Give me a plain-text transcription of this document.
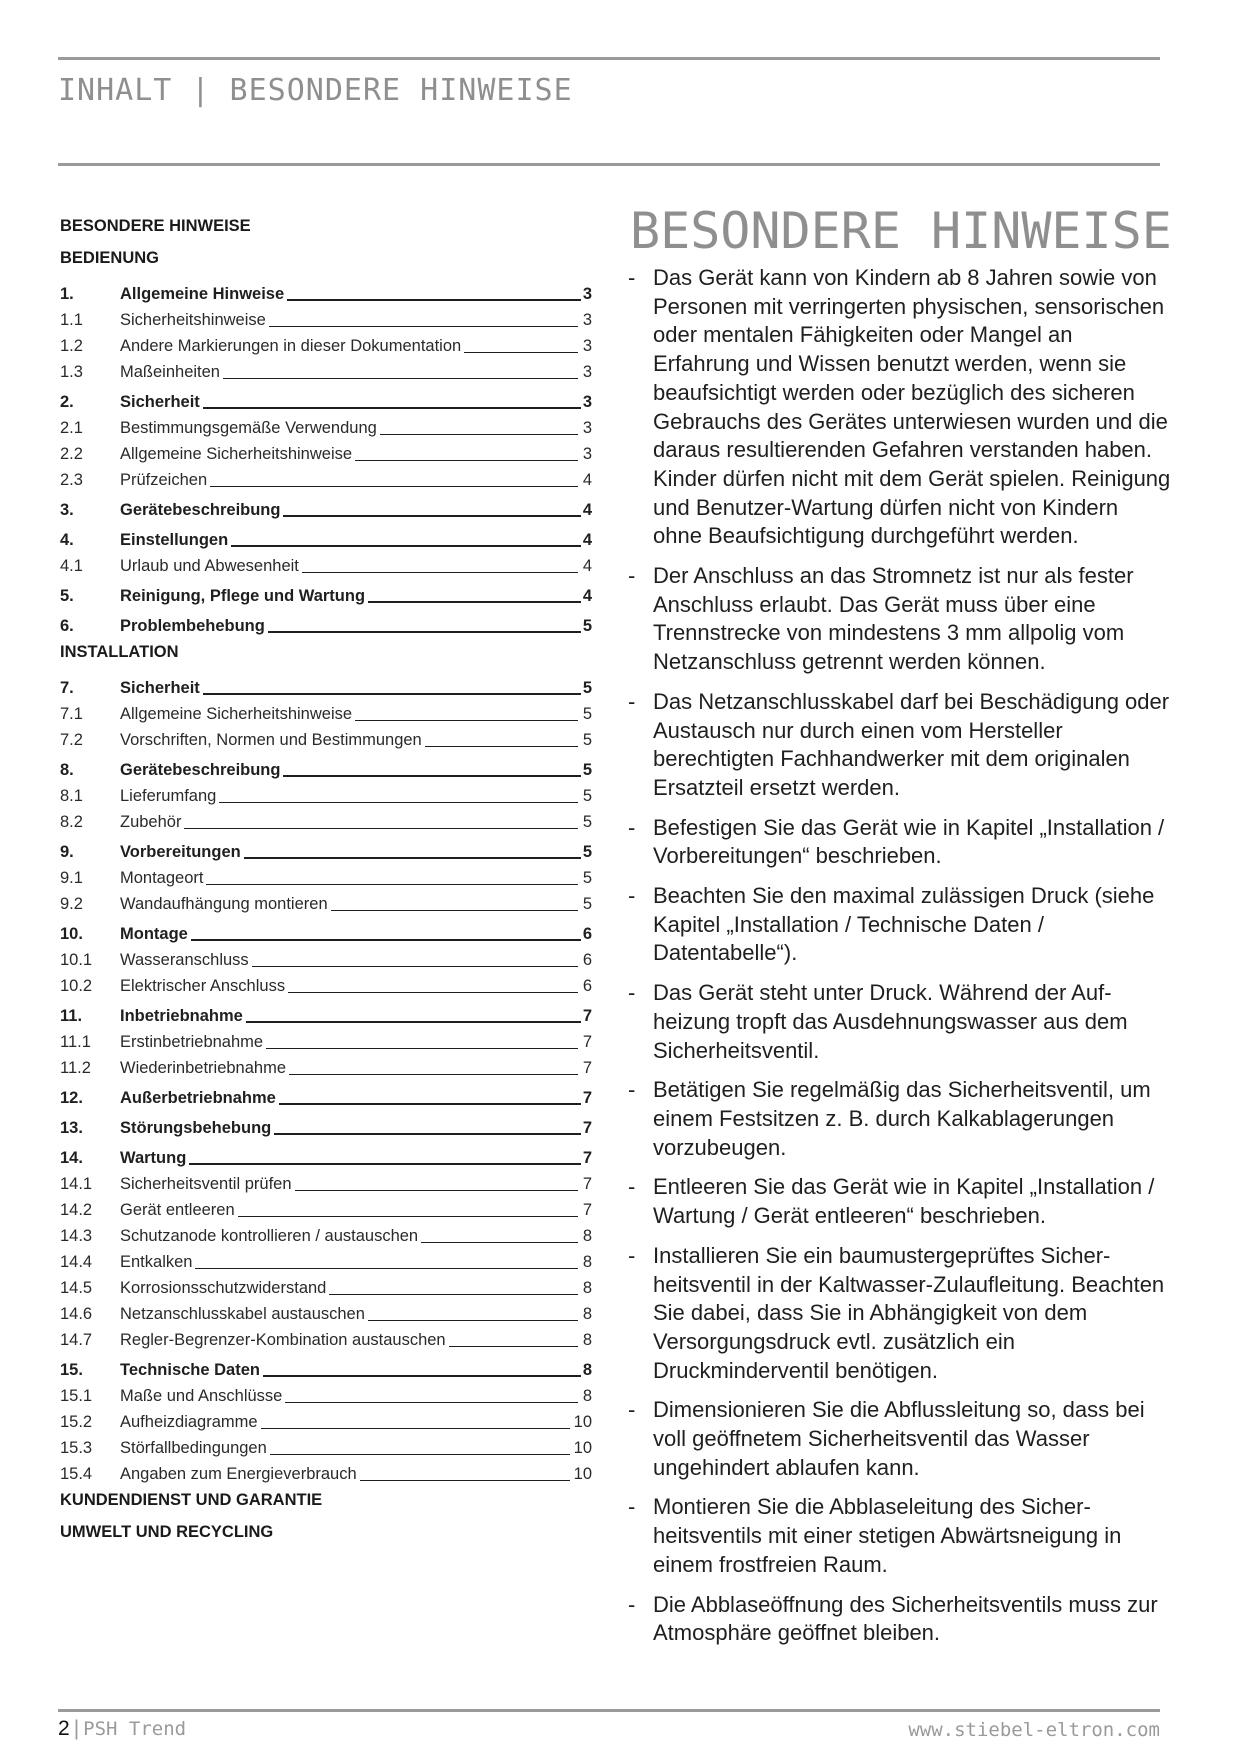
INHALT | BESONDERE HINWEISE
BESONDERE HINWEISE
BEDIENUNG
1.	Allgemeine Hinweise	3
1.1	Sicherheitshinweise	3
1.2	Andere Markierungen in dieser Dokumentation	3
1.3	Maßeinheiten	3
2.	Sicherheit	3
2.1	Bestimmungsgemäße Verwendung	3
2.2	Allgemeine Sicherheitshinweise	3
2.3	Prüfzeichen	4
3.	Gerätebeschreibung	4
4.	Einstellungen	4
4.1	Urlaub und Abwesenheit	4
5.	Reinigung, Pflege und Wartung	4
6.	Problembehebung	5
INSTALLATION
7.	Sicherheit	5
7.1	Allgemeine Sicherheitshinweise	5
7.2	Vorschriften, Normen und Bestimmungen	5
8.	Gerätebeschreibung	5
8.1	Lieferumfang	5
8.2	Zubehör	5
9.	Vorbereitungen	5
9.1	Montageort	5
9.2	Wandaufhängung montieren	5
10.	Montage	6
10.1	Wasseranschluss	6
10.2	Elektrischer Anschluss	6
11.	Inbetriebnahme	7
11.1	Erstinbetriebnahme	7
11.2	Wiederinbetriebnahme	7
12.	Außerbetriebnahme	7
13.	Störungsbehebung	7
14.	Wartung	7
14.1	Sicherheitsventil prüfen	7
14.2	Gerät entleeren	7
14.3	Schutzanode kontrollieren / austauschen	8
14.4	Entkalken	8
14.5	Korrosionsschutzwiderstand	8
14.6	Netzanschlusskabel austauschen	8
14.7	Regler-Begrenzer-Kombination austauschen	8
15.	Technische Daten	8
15.1	Maße und Anschlüsse	8
15.2	Aufheizdiagramme	10
15.3	Störfallbedingungen	10
15.4	Angaben zum Energieverbrauch	10
KUNDENDIENST UND GARANTIE
UMWELT UND RECYCLING
BESONDERE HINWEISE
- Das Gerät kann von Kindern ab 8 Jahren sowie von Personen mit verringerten physischen, sensorischen oder mentalen Fähigkeiten oder Mangel an Erfahrung und Wissen benutzt werden, wenn sie beaufsichtigt werden oder bezüglich des sicheren Gebrauchs des Gerätes unterwiesen wurden und die daraus resultierenden Gefahren verstanden haben. Kinder dürfen nicht mit dem Gerät spielen. Reinigung und Benutzer-Wartung dürfen nicht von Kindern ohne Beaufsichtigung durchgeführt werden.
- Der Anschluss an das Stromnetz ist nur als fester Anschluss erlaubt. Das Gerät muss über eine Trennstrecke von mindestens 3 mm allpolig vom Netzanschluss getrennt werden können.
- Das Netzanschlusskabel darf bei Beschädigung oder Austausch nur durch einen vom Hersteller berechtigten Fachhandwerker mit dem originalen Ersatzteil ersetzt werden.
- Befestigen Sie das Gerät wie in Kapitel „Installation / Vorbereitungen“ beschrieben.
- Beachten Sie den maximal zulässigen Druck (siehe Kapitel „Installation / Technische Daten / Datentabelle“).
- Das Gerät steht unter Druck. Während der Aufheizung tropft das Ausdehnungswasser aus dem Sicherheitsventil.
- Betätigen Sie regelmäßig das Sicherheitsventil, um einem Festsitzen z. B. durch Kalkablagerungen vorzubeugen.
- Entleeren Sie das Gerät wie in Kapitel „Installation / Wartung / Gerät entleeren“ beschrieben.
- Installieren Sie ein baumustergeprüftes Sicherheitsventil in der Kaltwasser-Zulaufleitung. Beachten Sie dabei, dass Sie in Abhängigkeit von dem Versorgungsdruck evtl. zusätzlich ein Druckminderventil benötigen.
- Dimensionieren Sie die Abflussleitung so, dass bei voll geöffnetem Sicherheitsventil das Wasser ungehindert ablaufen kann.
- Montieren Sie die Abblaseleitung des Sicherheitsventils mit einer stetigen Abwärtsneigung in einem frostfreien Raum.
- Die Abblaseöffnung des Sicherheitsventils muss zur Atmosphäre geöffnet bleiben.
2 | PSH Trend	www.stiebel-eltron.com
